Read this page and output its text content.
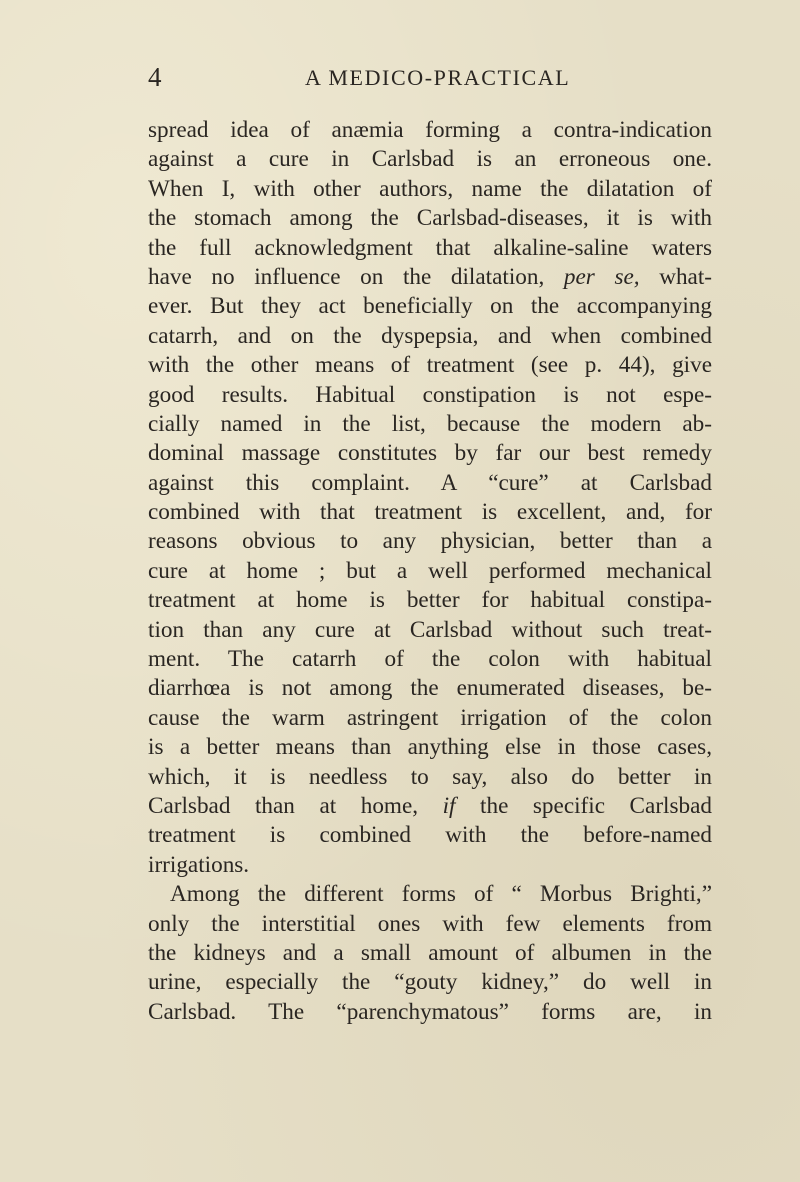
4	A MEDICO-PRACTICAL
spread idea of anæmia forming a contra-indication
against a cure in Carlsbad is an erroneous one.
When I, with other authors, name the dilatation of
the stomach among the Carlsbad-diseases, it is with
the full acknowledgment that alkaline-saline waters
have no influence on the dilatation, per se, what-
ever. But they act beneficially on the accompanying
catarrh, and on the dyspepsia, and when combined
with the other means of treatment (see p. 44), give
good results. Habitual constipation is not espe-
cially named in the list, because the modern ab-
dominal massage constitutes by far our best remedy
against this complaint. A “cure” at Carlsbad
combined with that treatment is excellent, and, for
reasons obvious to any physician, better than a
cure at home ; but a well performed mechanical
treatment at home is better for habitual constipa-
tion than any cure at Carlsbad without such treat-
ment. The catarrh of the colon with habitual
diarrhœa is not among the enumerated diseases, be-
cause the warm astringent irrigation of the colon
is a better means than anything else in those cases,
which, it is needless to say, also do better in
Carlsbad than at home, if the specific Carlsbad
treatment is combined with the before-named
irrigations.
Among the different forms of “ Morbus Brighti,”
only the interstitial ones with few elements from
the kidneys and a small amount of albumen in the
urine, especially the “gouty kidney,” do well in
Carlsbad. The “parenchymatous” forms are, in
